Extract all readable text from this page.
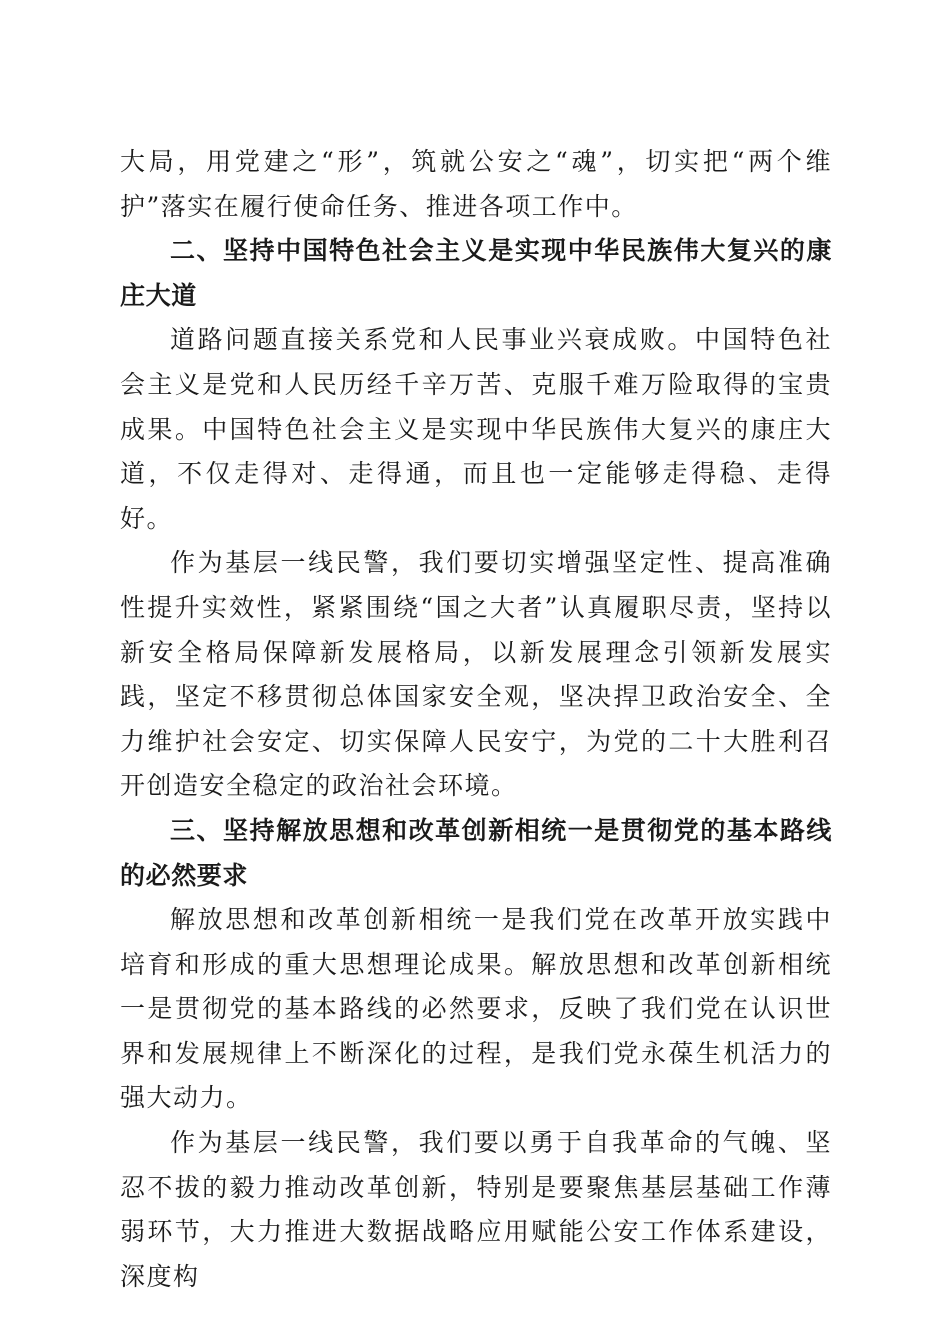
大局，用党建之“形”，筑就公安之“魂”，切实把“两个维护”落实在履行使命任务、推进各项工作中。

二、坚持中国特色社会主义是实现中华民族伟大复兴的康庄大道

道路问题直接关系党和人民事业兴衰成败。中国特色社会主义是党和人民历经千辛万苦、克服千难万险取得的宝贵成果。中国特色社会主义是实现中华民族伟大复兴的康庄大道，不仅走得对、走得通，而且也一定能够走得稳、走得好。

作为基层一线民警，我们要切实增强坚定性、提高准确性提升实效性，紧紧围绕“国之大者”认真履职尽责，坚持以新安全格局保障新发展格局，以新发展理念引领新发展实践，坚定不移贯彻总体国家安全观，坚决捍卫政治安全、全力维护社会安定、切实保障人民安宁，为党的二十大胜利召开创造安全稳定的政治社会环境。

三、坚持解放思想和改革创新相统一是贯彻党的基本路线的必然要求

解放思想和改革创新相统一是我们党在改革开放实践中培育和形成的重大思想理论成果。解放思想和改革创新相统一是贯彻党的基本路线的必然要求，反映了我们党在认识世界和发展规律上不断深化的过程，是我们党永葆生机活力的强大动力。

作为基层一线民警，我们要以勇于自我革命的气魄、坚忍不拔的毅力推动改革创新，特别是要聚焦基层基础工作薄弱环节，大力推进大数据战略应用赋能公安工作体系建设，深度构
